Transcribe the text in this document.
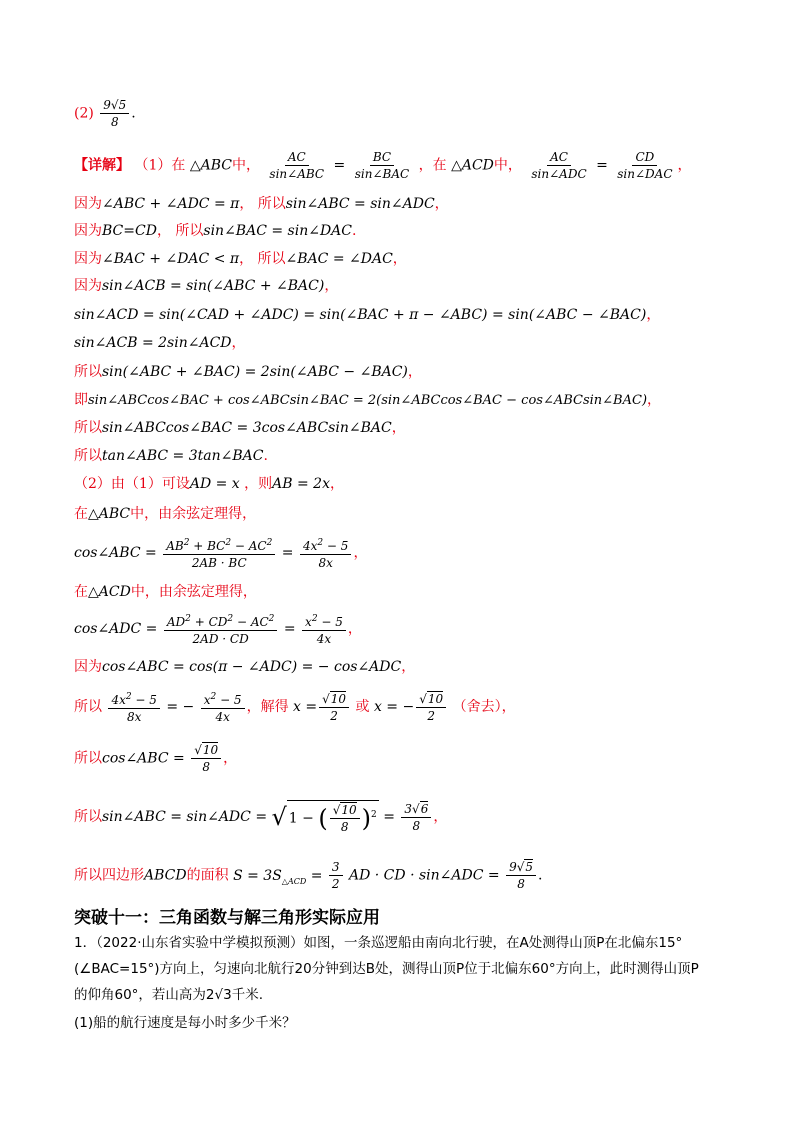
$(2) \frac{9√5}{8}$ .
【详解】 （1）在 △ABC中， $\frac{AC}{\text{sin∠ABC}} = \frac{BC}{\text{sin∠BAC}}$ ，在 △ACD中， $\frac{AC}{\text{sin∠ADC}} = \frac{CD}{\text{sin∠DAC}}$ ，
因为∠ABC + ∠ADC = π， 所以sin∠ABC = sin∠ADC，
因为BC=CD， 所以sin∠BAC = sin∠DAC.
因为∠BAC + ∠DAC < π， 所以∠BAC = ∠DAC，
因为sin∠ACB = sin(∠ABC + ∠BAC)，
sin∠ACD = sin(∠CAD + ∠ADC) = sin(∠BAC + π − ∠ABC) = sin(∠ABC − ∠BAC)，
sin∠ACB = 2sin∠ACD，
所以sin(∠ABC + ∠BAC) = 2sin(∠ABC − ∠BAC)，
即sin∠ABCcos∠BAC + cos∠ABCsin∠BAC = 2(sin∠ABCcos∠BAC − cos∠ABCsin∠BAC)，
所以sin∠ABCcos∠BAC = 3cos∠ABCsin∠BAC，
所以tan∠ABC = 3tan∠BAC.
（2）由（1）可设AD = x ，则AB = 2x，
在△ABC中，由余弦定理得，
cos∠ABC = $\frac{AB^2 + BC^2 - AC^2}{2AB \cdot BC} = \frac{4x^2 - 5}{8x}$ ，
在△ACD中，由余弦定理得，
cos∠ADC = $\frac{AD^2 + CD^2 - AC^2}{2AD \cdot CD} = \frac{x^2 - 5}{4x}$ ，
因为cos∠ABC = cos(π − ∠ADC) = − cos∠ADC，
所以 $\frac{4x^2 - 5}{8x}$ = − $\frac{x^2 - 5}{4x}$ ，解得 $x = \frac{√10}{2}$ 或 x = − $\frac{√10}{2}$ （舍去），
所以cos∠ABC = $\frac{√10}{8}$ ，
所以sin∠ABC = sin∠ADC = √ 1 − ( $\frac{√10}{8} )^2 = \frac{3√6}{8}$ ，
所以四边形ABCD的面积 $S = 3S_{\triangle ACD} = \frac{3}{2}$ AD · CD · sin∠ADC = $\frac{9√5}{8}$ .
突破十一：三角函数与解三角形实际应用
1．（2022·山东省实验中学模拟预测）如图，一条巡逻船由南向北行驶，在A处测得山顶P在北偏东15°
(∠BAC=15°)方向上，匀速向北航行20分钟到达B处，测得山顶P位于北偏东60°方向上，此时测得山顶P
的仰角60°，若山高为2√3千米.
(1)船的航行速度是每小时多少千米？
